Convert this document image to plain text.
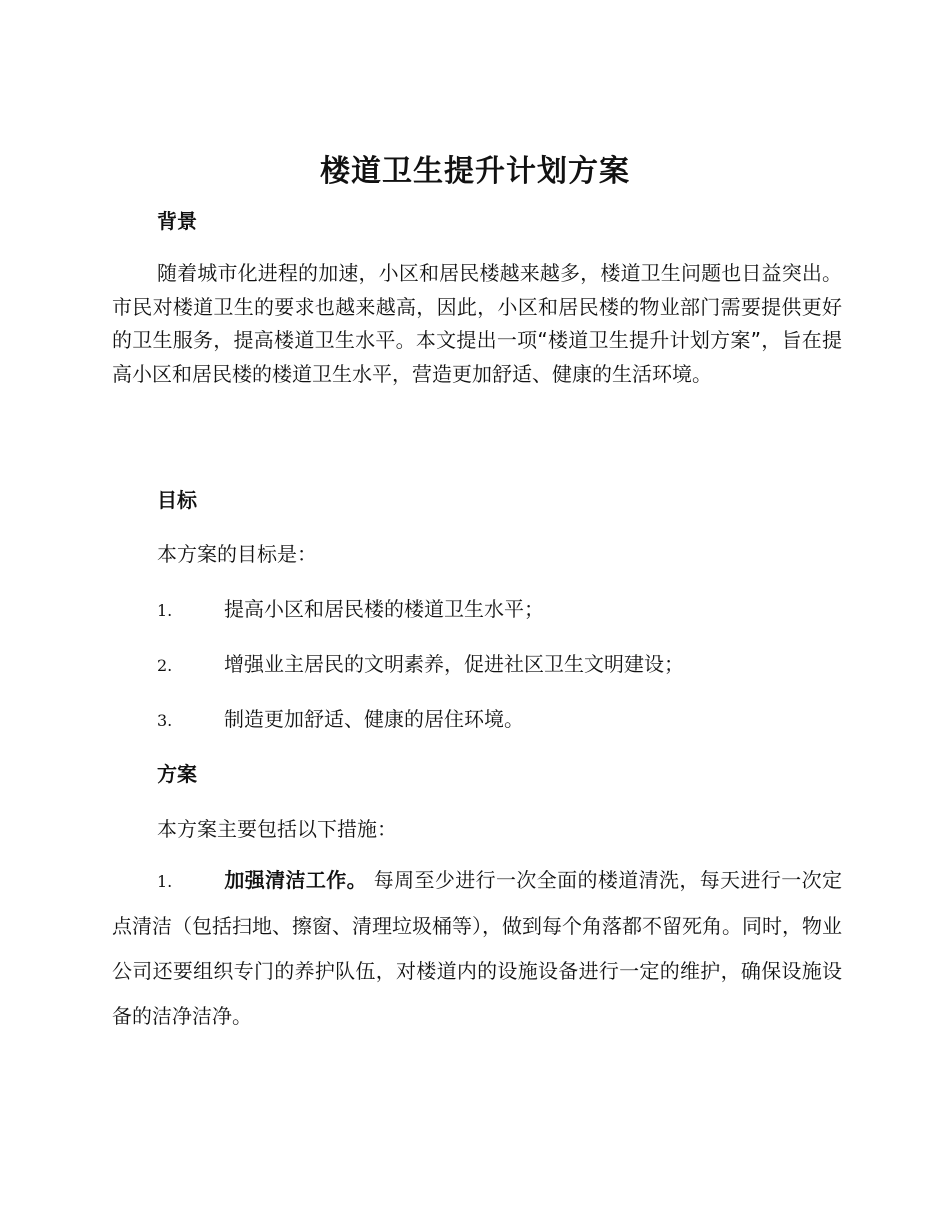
楼道卫生提升计划方案
背景

随着城市化进程的加速，小区和居民楼越来越多，楼道卫生问题也日益突出。市民对楼道卫生的要求也越来越高，因此，小区和居民楼的物业部门需要提供更好的卫生服务，提高楼道卫生水平。本文提出一项“楼道卫生提升计划方案”，旨在提高小区和居民楼的楼道卫生水平，营造更加舒适、健康的生活环境。

目标
本方案的目标是：
1.	提高小区和居民楼的楼道卫生水平；
2.	增强业主居民的文明素养，促进社区卫生文明建设；
3.	制造更加舒适、健康的居住环境。
方案
本方案主要包括以下措施：

1.	加强清洁工作。 每周至少进行一次全面的楼道清洗，每天进行一次定点清洁（包括扫地、擦窗、清理垃圾桶等），做到每个角落都不留死角。同时，物业公司还要组织专门的养护队伍，对楼道内的设施设备进行一定的维护，确保设施设备的洁净洁净。
